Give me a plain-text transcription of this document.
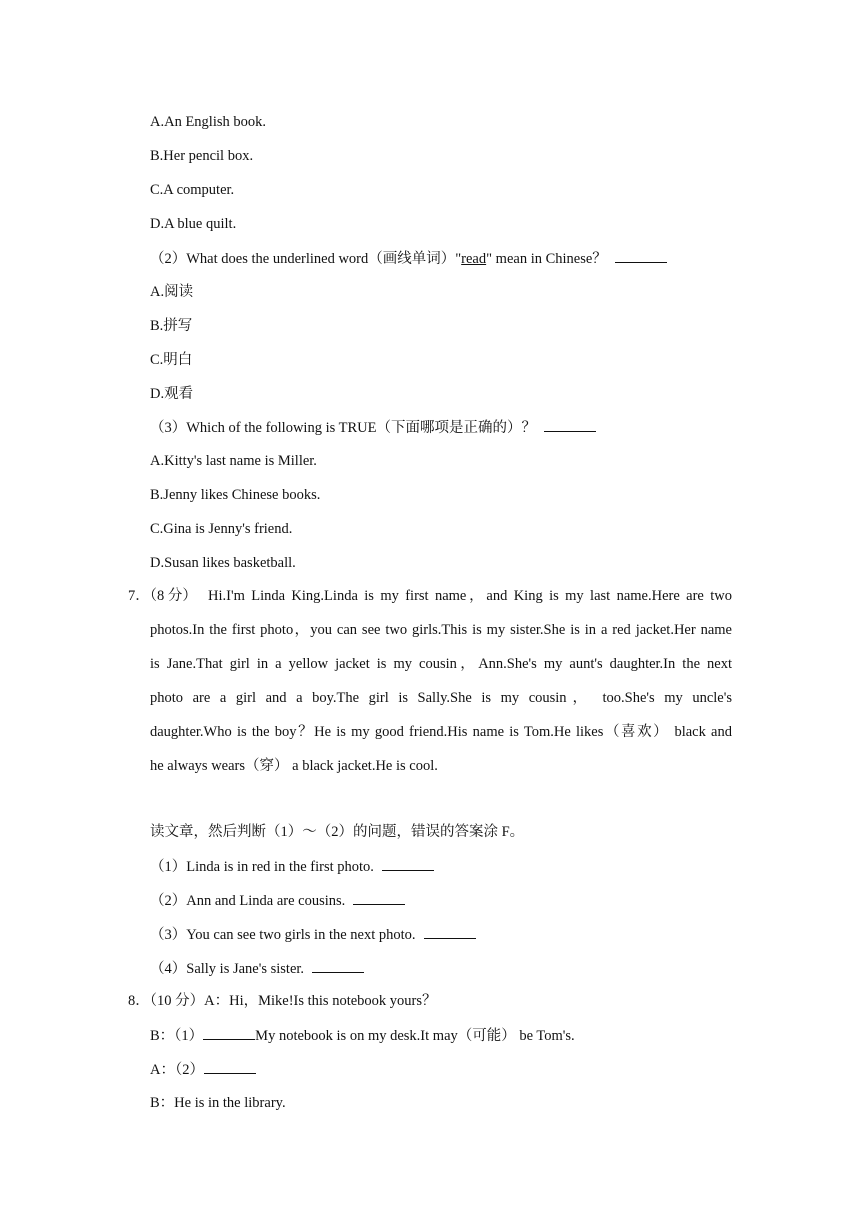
A.An English book.
B.Her pencil box.
C.A computer.
D.A blue quilt.
（2）What does the underlined word（画线单词）"read" mean in Chinese？
A.阅读
B.拼写
C.明白
D.观看
（3）Which of the following is TRUE（下面哪项是正确的）？
A.Kitty's last name is Miller.
B.Jenny likes Chinese books.
C.Gina is Jenny's friend.
D.Susan likes basketball.
7．（8 分） Hi.I'm Linda King.Linda is my first name，and King is my last name.Here are two
photos.In the first photo，you can see two girls.This is my sister.She is in a red jacket.Her name
is Jane.That girl in a yellow jacket is my cousin，Ann.She's my aunt's daughter.In the next
photo are a girl and a boy.The girl is Sally.She is my cousin， too.She's my uncle's
daughter.Who is the boy？He is my good friend.His name is Tom.He likes（喜欢） black and
he always wears（穿） a black jacket.He is cool.
读文章，然后判断（1）～（2）的问题，错误的答案涂 F。
（1）Linda is in red in the first photo.
（2）Ann and Linda are cousins.
（3）You can see two girls in the next photo.
（4）Sally is Jane's sister.
8．（10 分）A：Hi，Mike!Is this notebook yours？
B：（1）	My notebook is on my desk.It may（可能） be Tom's.
A：（2）
B：He is in the library.
